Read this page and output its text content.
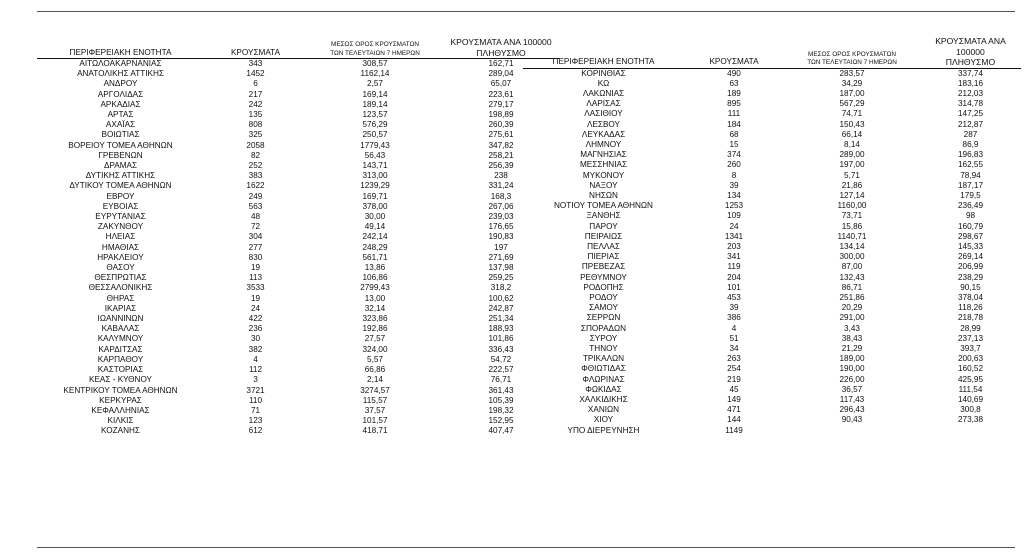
ΠΕΡΙΦΕΡΕΙΑΚΗ ΕΝΟΤΗΤΑ	ΚΡΟΥΣΜΑΤΑ	ΜΕΣΟΣ ΟΡΟΣ ΚΡΟΥΣΜΑΤΩΝ
ΤΩΝ ΤΕΛΕΥΤΑΙΩΝ 7 ΗΜΕΡΩΝ	ΚΡΟΥΣΜΑΤΑ ΑΝΑ 100000
ΠΛΗΘΥΣΜΟ
ΑΙΤΩΛΟΑΚΑΡΝΑΝΙΑΣ	343	308,57	162,71
ΑΝΑΤΟΛΙΚΗΣ ΑΤΤΙΚΗΣ	1452	1162,14	289,04
ΑΝΔΡΟΥ	6	2,57	65,07
ΑΡΓΟΛΙΔΑΣ	217	169,14	223,61
ΑΡΚΑΔΙΑΣ	242	189,14	279,17
ΑΡΤΑΣ	135	123,57	198,89
ΑΧΑΪΑΣ	808	576,29	260,39
ΒΟΙΩΤΙΑΣ	325	250,57	275,61
ΒΟΡΕΙΟΥ ΤΟΜΕΑ ΑΘΗΝΩΝ	2058	1779,43	347,82
ΓΡΕΒΕΝΩΝ	82	56,43	258,21
ΔΡΑΜΑΣ	252	143,71	256,39
ΔΥΤΙΚΗΣ ΑΤΤΙΚΗΣ	383	313,00	238
ΔΥΤΙΚΟΥ ΤΟΜΕΑ ΑΘΗΝΩΝ	1622	1239,29	331,24
ΕΒΡΟΥ	249	169,71	168,3
ΕΥΒΟΙΑΣ	563	378,00	267,06
ΕΥΡΥΤΑΝΙΑΣ	48	30,00	239,03
ΖΑΚΥΝΘΟΥ	72	49,14	176,65
ΗΛΕΙΑΣ	304	242,14	190,83
ΗΜΑΘΙΑΣ	277	248,29	197
ΗΡΑΚΛΕΙΟΥ	830	561,71	271,69
ΘΑΣΟΥ	19	13,86	137,98
ΘΕΣΠΡΩΤΙΑΣ	113	106,86	259,25
ΘΕΣΣΑΛΟΝΙΚΗΣ	3533	2799,43	318,2
ΘΗΡΑΣ	19	13,00	100,62
ΙΚΑΡΙΑΣ	24	32,14	242,87
ΙΩΑΝΝΙΝΩΝ	422	323,86	251,34
ΚΑΒΑΛΑΣ	236	192,86	188,93
ΚΑΛΥΜΝΟΥ	30	27,57	101,86
ΚΑΡΔΙΤΣΑΣ	382	324,00	336,43
ΚΑΡΠΑΘΟΥ	4	5,57	54,72
ΚΑΣΤΟΡΙΑΣ	112	66,86	222,57
ΚΕΑΣ - ΚΥΘΝΟΥ	3	2,14	76,71
ΚΕΝΤΡΙΚΟΥ ΤΟΜΕΑ ΑΘΗΝΩΝ	3721	3274,57	361,43
ΚΕΡΚΥΡΑΣ	110	115,57	105,39
ΚΕΦΑΛΛΗΝΙΑΣ	71	37,57	198,32
ΚΙΛΚΙΣ	123	101,57	152,95
ΚΟΖΑΝΗΣ	612	418,71	407,47
ΠΕΡΙΦΕΡΕΙΑΚΗ ΕΝΟΤΗΤΑ	ΚΡΟΥΣΜΑΤΑ	ΜΕΣΟΣ ΟΡΟΣ ΚΡΟΥΣΜΑΤΩΝ
ΤΩΝ ΤΕΛΕΥΤΑΙΩΝ 7 ΗΜΕΡΩΝ	ΚΡΟΥΣΜΑΤΑ ΑΝΑ 100000
ΠΛΗΘΥΣΜΟ
ΚΟΡΙΝΘΙΑΣ	490	283,57	337,74
ΚΩ	63	34,29	183,16
ΛΑΚΩΝΙΑΣ	189	187,00	212,03
ΛΑΡΙΣΑΣ	895	567,29	314,78
ΛΑΣΙΘΙΟΥ	111	74,71	147,25
ΛΕΣΒΟΥ	184	150,43	212,87
ΛΕΥΚΑΔΑΣ	68	66,14	287
ΛΗΜΝΟΥ	15	8,14	86,9
ΜΑΓΝΗΣΙΑΣ	374	289,00	196,83
ΜΕΣΣΗΝΙΑΣ	260	197,00	162,55
ΜΥΚΟΝΟΥ	8	5,71	78,94
ΝΑΞΟΥ	39	21,86	187,17
ΝΗΣΩΝ	134	127,14	179,5
ΝΟΤΙΟΥ ΤΟΜΕΑ ΑΘΗΝΩΝ	1253	1160,00	236,49
ΞΑΝΘΗΣ	109	73,71	98
ΠΑΡΟΥ	24	15,86	160,79
ΠΕΙΡΑΙΩΣ	1341	1140,71	298,67
ΠΕΛΛΑΣ	203	134,14	145,33
ΠΙΕΡΙΑΣ	341	300,00	269,14
ΠΡΕΒΕΖΑΣ	119	87,00	206,99
ΡΕΘΥΜΝΟΥ	204	132,43	238,29
ΡΟΔΟΠΗΣ	101	86,71	90,15
ΡΟΔΟΥ	453	251,86	378,04
ΣΑΜΟΥ	39	20,29	118,26
ΣΕΡΡΩΝ	386	291,00	218,78
ΣΠΟΡΑΔΩΝ	4	3,43	28,99
ΣΥΡΟΥ	51	38,43	237,13
ΤΗΝΟΥ	34	21,29	393,7
ΤΡΙΚΑΛΩΝ	263	189,00	200,63
ΦΘΙΩΤΙΔΑΣ	254	190,00	160,52
ΦΛΩΡΙΝΑΣ	219	226,00	425,95
ΦΩΚΙΔΑΣ	45	36,57	111,54
ΧΑΛΚΙΔΙΚΗΣ	149	117,43	140,69
ΧΑΝΙΩΝ	471	296,43	300,8
ΧΙΟΥ	144	90,43	273,38
ΥΠΟ ΔΙΕΡΕΥΝΗΣΗ	1149		
